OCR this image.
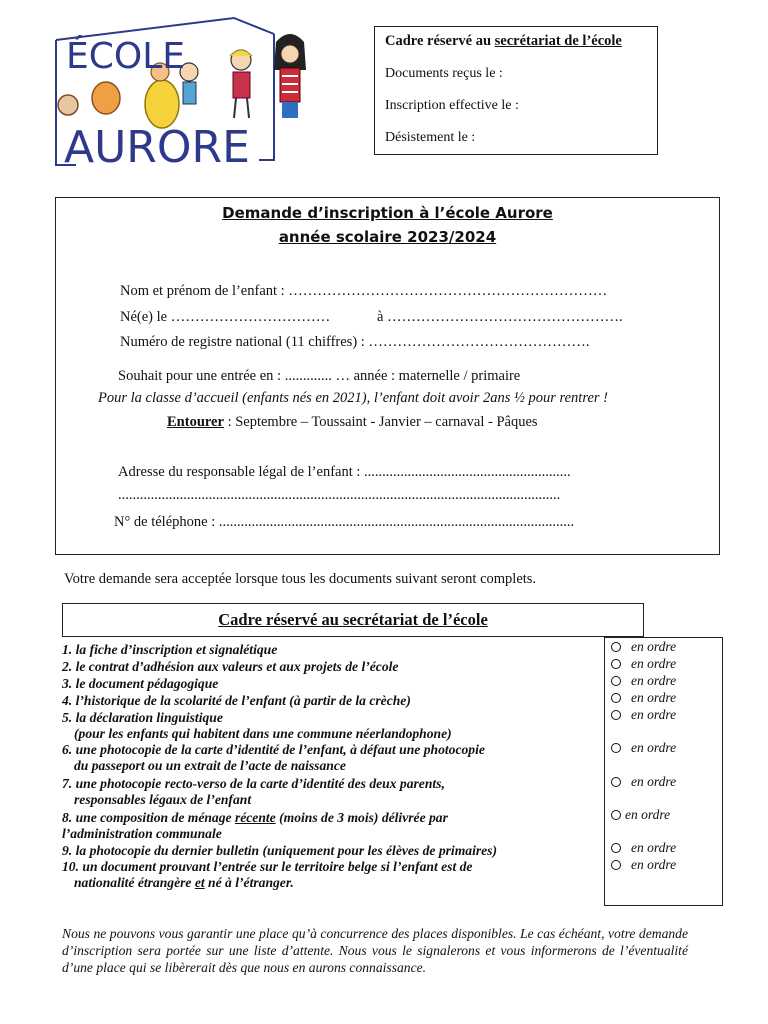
ÉCOLE
AURORE
Cadre réservé au secrétariat de l’école
Documents reçus le :
Inscription effective le :
Désistement le :
Demande d’inscription à l’école Aurore
année scolaire 2023/2024
Nom et prénom de l’enfant : …………………………………………………………
Né(e) le ……………………………	à ………………………………………….
Numéro de registre national (11 chiffres) : ……………………………………….
Souhait pour une entrée en : ............. … année : maternelle / primaire
Pour la classe d’accueil (enfants nés en 2021), l’enfant doit avoir 2ans ½ pour rentrer !
Entourer : Septembre – Toussaint - Janvier – carnaval - Pâques
Adresse du responsable légal de l’enfant : .........................................................
..........................................................................................................................
N° de téléphone : ..................................................................................................
Votre demande sera acceptée lorsque tous les documents suivant seront complets.
Cadre réservé au secrétariat de l’école
1. la fiche d’inscription et signalétique
2. le contrat d’adhésion aux valeurs et aux projets de l’école
3. le document pédagogique
4. l’historique de la scolarité de l’enfant (à partir de la crèche)
5. la déclaration linguistique
(pour les enfants qui habitent dans une commune néerlandophone)
6. une photocopie de la carte d’identité de l’enfant, à défaut une photocopie
du passeport ou un extrait de l’acte de naissance
7. une photocopie recto-verso de la carte d’identité des deux parents,
responsables légaux de l’enfant
8. une composition de ménage récente (moins de 3 mois) délivrée par
l’administration communale
9. la photocopie du dernier bulletin (uniquement pour les élèves de primaires)
10. un document prouvant l’entrée sur le territoire belge si l’enfant est de
nationalité étrangère et né à l’étranger.
en ordre
en ordre
en ordre
en ordre
en ordre
en ordre
en ordre
en ordre
en ordre
en ordre
Nous ne pouvons vous garantir une place qu’à concurrence des places disponibles. Le cas échéant, votre demande d’inscription sera portée sur une liste d’attente. Nous vous le signalerons et vous informerons de l’éventualité d’une place qui se libèrerait dès que nous en aurons connaissance.
